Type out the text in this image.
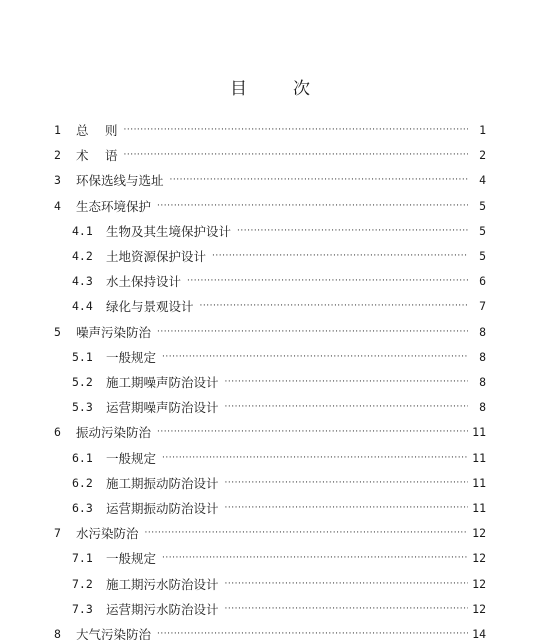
目	次
1	总　 则 ·····	1
2	术　 语 ·····	2
3	环保选线与选址 ·····	4
4	生态环境保护 ·····	5
4.1	生物及其生境保护设计 ·····	5
4.2	土地资源保护设计 ·····	5
4.3	水土保持设计 ·····	6
4.4	绿化与景观设计 ·····	7
5	噪声污染防治 ·····	8
5.1	一般规定 ·····	8
5.2	施工期噪声防治设计 ·····	8
5.3	运营期噪声防治设计 ·····	8
6	振动污染防治 ·····	11
6.1	一般规定 ·····	11
6.2	施工期振动防治设计 ·····	11
6.3	运营期振动防治设计 ·····	11
7	水污染防治 ·····	12
7.1	一般规定 ·····	12
7.2	施工期污水防治设计 ·····	12
7.3	运营期污水防治设计 ·····	12
8	大气污染防治 ·····	14
